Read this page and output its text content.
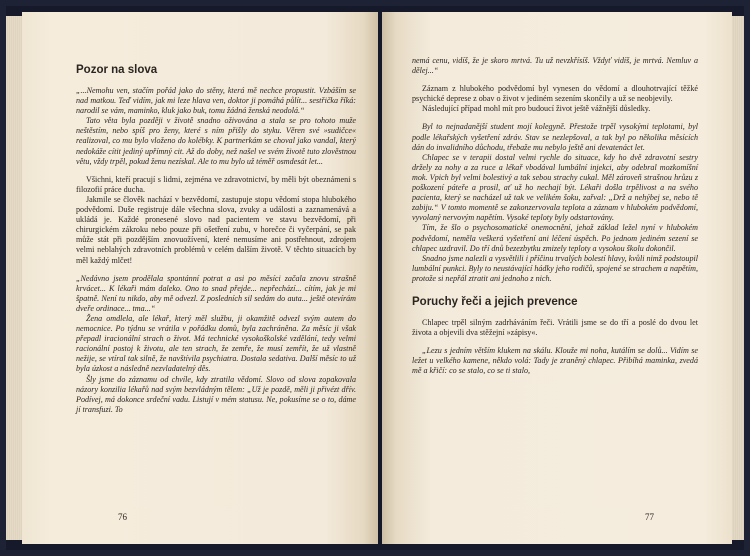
Pozor na slova

„...Nemohu ven, stačím pořád jako do stěny, která mě nechce propustit. Vzbáším se nad matkou. Teď vidím, jak mi leze hlava ven, doktor ji pomáhá půlít... sestřička říká: narodil se vám, maminko, kluk jako buk, tomu žádná ženská neodolá.“

Tato věta byla později v životě snadno oživována a stala se pro tohoto muže neštěstím, nebo spíš pro ženy, které s ním přišly do styku. Věren své »sudičce« realizoval, co mu bylo vloženo do kolébky. K partnerkám se choval jako vandal, který nedokáže cítit jediný upřímný cit. Až do doby, než našel ve svém životě tuto zlověstnou větu, vždy trpěl, pokud ženu nezískal. Ale to mu bylo už téměř osmdesát let...

Všichni, kteří pracují s lidmi, zejména ve zdravotnictví, by měli být obeznámeni s filozofií práce ducha.

Jakmile se člověk nachází v bezvědomí, zastupuje stopu vědomí stopa hlubokého podvědomí. Duše registruje dále všechna slova, zvuky a události a zaznamenává a ukládá je. Každé pronesené slovo nad pacientem ve stavu bezvědomí, při chirurgickém zákroku nebo pouze při ošetření zubu, v horečce či vyčerpání, se pak může stát při pozdějším znovuožívení, které nemusíme ani postřehnout, zdrojem velmi neblahých zdravotních problémů v celém dalším životě. V těchto situacích by měl každý mlčet!

„Nedávno jsem prodělala spontánní potrat a asi po měsíci začala znovu strašně krvácet... K lékaři mám daleko. Ono to snad přejde... nepřechází... cítím, jak je mi špatně. Není tu nikdo, aby mě odvezl. Z posledních sil sedám do auta... ještě otevírám dveře ordinace... tma...“

Žena omdlela, ale lékař, který měl službu, ji okamžitě odvezl svým autem do nemocnice. Po týdnu se vrátila v pořádku domů, byla zachráněna. Za měsíc ji však přepadl iracionální strach o život. Má technické vysokoškolské vzdělání, tedy velmi racionální postoj k životu, ale ten strach, že zemře, že musí zemřít, že už vlastně nežije, se vtíral tak silně, že navštívila psychiatra. Dostala sedativa. Další měsíc to už byla úzkost a následně nezvladatelný děs.

Šly jsme do záznamu od chvíle, kdy ztratila vědomí. Slovo od slova zopakovala názory konzilia lékařů nad svým bezvládným tělem: „Už je pozdě, měli ji přivézt dřív. Podívej, má dokonce srdeční vadu. Listují v mém statusu. Ne, pokusíme se o to, dáme jí transfuzi. To

76

nemá cenu, vidíš, že je skoro mrtvá. Tu už nevzkřísíš. Vždyť vidíš, je mrtvá. Nemluv a dělej...“

Záznam z hlubokého podvědomí byl vynesen do vědomí a dlouhotrvající těžké psychické deprese z obav o život v jediném sezením skončily a už se neobjevily.

Následující případ mohl mít pro budoucí život ještě vážnější důsledky.

Byl to nejnadanější student mojí kolegyně. Přestože trpěl vysokými teplotami, byl podle lékařských vyšetření zdráv. Stav se nezlepšoval, a tak byl po několika měsících dán do invalidního důchodu, třebaže mu nebylo ještě ani devatenáct let.

Chlapec se v terapii dostal velmi rychle do situace, kdy ho dvě zdravotní sestry držely za nohy a za ruce a lékař vbodával lumbální injekci, aby odebral mozkomíšní mok. Vpich byl velmi bolestivý a tak sebou strachy cukal. Měl zároveň strašnou hrůzu z poškození páteře a prosil, ať už ho nechají být. Lékaři došla trpělivost a na svého pacienta, který se nacházel už tak ve velikém šoku, zařval: „Drž a nehýbej se, nebo tě zabiju.“ V tomto momentě se zakonzervovala teplota a záznam v hlubokém podvědomí, vyvolaný nervovým napětím. Vysoké teploty byly odstartovány.

Tím, že šlo o psychosomatické onemocnění, jehož základ ležel nyní v hlubokém podvědomí, neměla veškerá vyšetření ani léčení úspěch. Po jednom jediném sezení se chlapec uzdravil. Do tří dnů bezezbytku zmizely teploty a vysokou školu dokončil.

Snadno jsme nalezli a vysvětlili i příčinu trvalých bolestí hlavy, kvůli nimž podstoupil lumbální punkci. Byly to neustávající hádky jeho rodičů, spojené se strachem a napětím, protože si nepřál ztratit ani jednoho z nich.

Poruchy řeči a jejich prevence

Chlapec trpěl silným zadrháváním řeči. Vrátili jsme se do tří a poslé do dvou let života a objevili dva stěžejní »zápisy«.

„Lezu s jedním větším klukem na skálu. Klouže mi noha, kutálím se dolů... Vidím se ležet u velkého kamene, někdo volá: Tady je zraněný chlapec. Přibíhá maminka, zvedá mě a křičí: co se stalo, co se ti stalo,

77
